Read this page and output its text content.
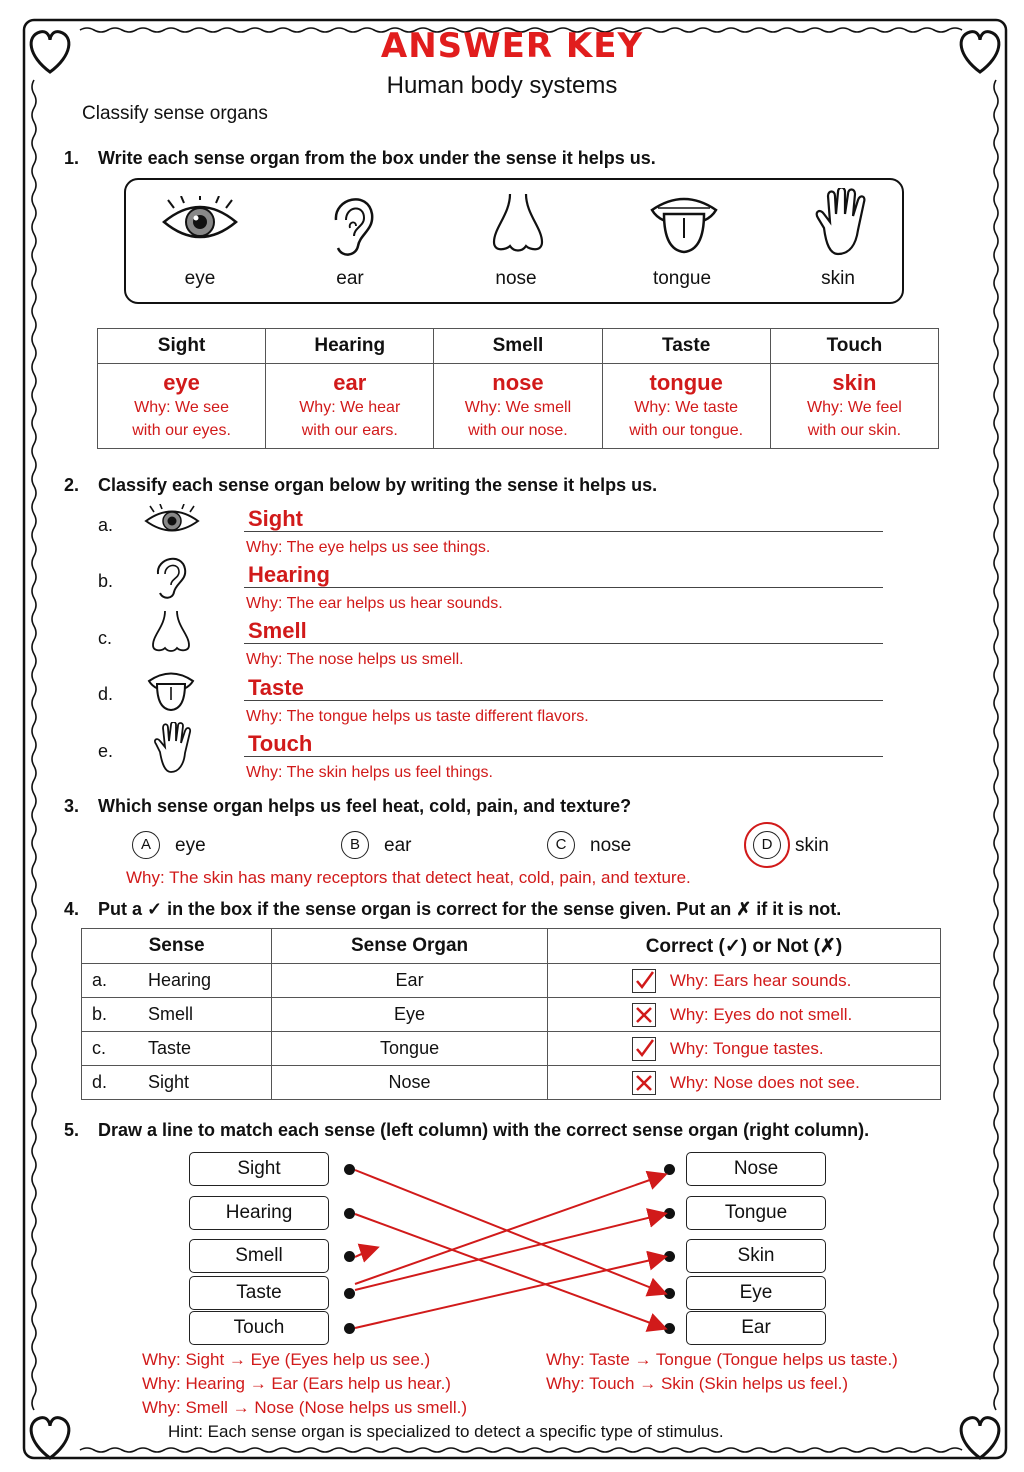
ANSWER KEY
Human body systems
Classify sense organs
1. Write each sense organ from the box under the sense it helps us.
eye	ear	nose	tongue	skin
Sight	Hearing	Smell	Taste	Touch

eye
Why: We see
with our eyes.	ear
Why: We hear
with our ears.	nose
Why: We smell
with our nose.	tongue
Why: We taste
with our tongue.	skin
Why: We feel
with our skin.
2. Classify each sense organ below by writing the sense it helps us.
a.	Sight
Why: The eye helps us see things.
b.	Hearing
Why: The ear helps us hear sounds.
c.	Smell
Why: The nose helps us smell.
d.	Taste
Why: The tongue helps us taste different flavors.
e.	Touch
Why: The skin helps us feel things.
3. Which sense organ helps us feel heat, cold, pain, and texture?
A	eye	B	ear	C	nose	D	skin
Why: The skin has many receptors that detect heat, cold, pain, and texture.
4. Put a ✓ in the box if the sense organ is correct for the sense given. Put an ✗ if it is not.
Sense	Sense Organ	Correct (✓) or Not (✗)
a. Hearing	Ear	Why: Ears hear sounds.
b. Smell	Eye	Why: Eyes do not smell.
c. Taste	Tongue	Why: Tongue tastes.
d. Sight	Nose	Why: Nose does not see.
5. Draw a line to match each sense (left column) with the correct sense organ (right column).
Sight
Hearing
Smell
Taste
Touch
Nose
Tongue
Skin
Eye
Ear
Why: Sight → Eye (Eyes help us see.)
Why: Hearing → Ear (Ears help us hear.)
Why: Smell → Nose (Nose helps us smell.)
Why: Taste → Tongue (Tongue helps us taste.)
Why: Touch → Skin (Skin helps us feel.)
Hint: Each sense organ is specialized to detect a specific type of stimulus.
